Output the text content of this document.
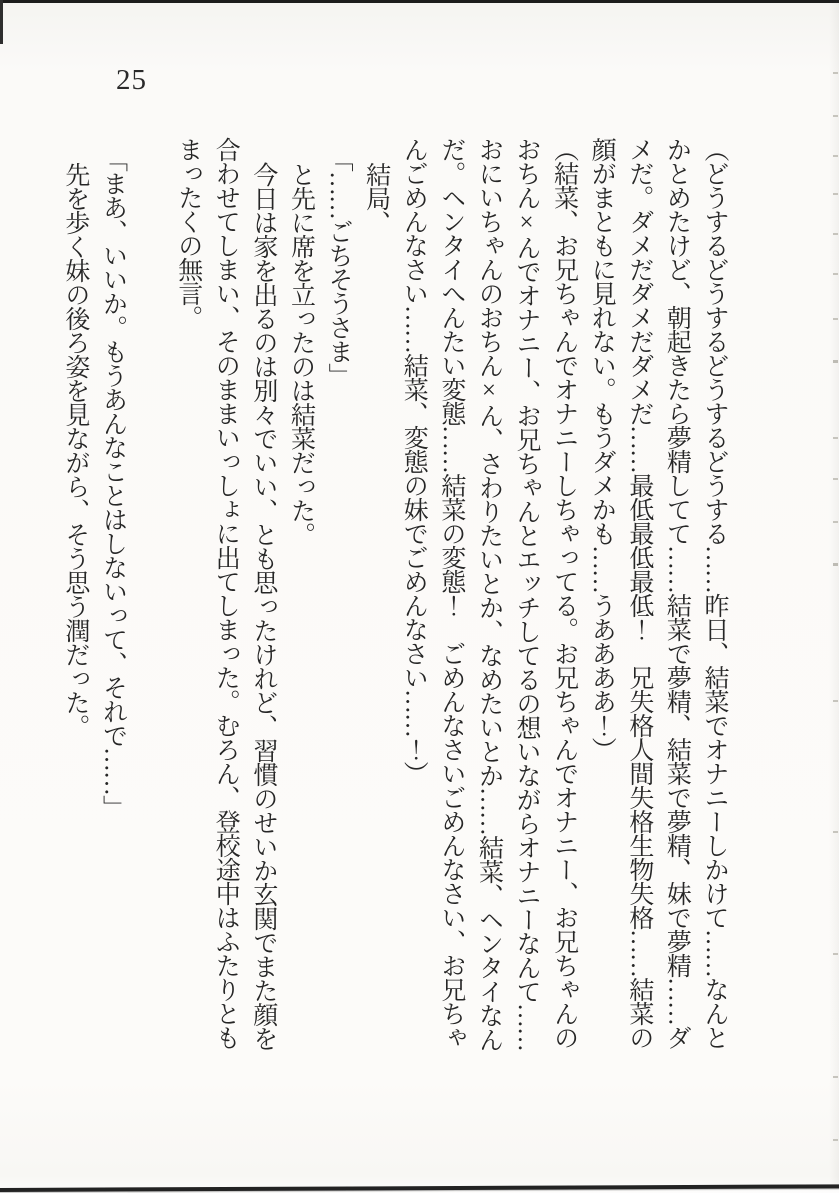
25
（どうするどうするどうするどうする……昨日、結菜でオナニーしかけて……なんと
かとめたけど、朝起きたら夢精してて……結菜で夢精、結菜で夢精、妹で夢精……ダ
メだ。ダメだダメだダメだ……最低最低最低！　兄失格人間失格生物失格……結菜の
顔がまともに見れない。もうダメかも……うああああ！）
（結菜、お兄ちゃんでオナニーしちゃってる。お兄ちゃんでオナニー、お兄ちゃんの
おちん×んでオナニー、お兄ちゃんとエッチしてるの想いながらオナニーなんて……
おにいちゃんのおちん×ん、さわりたいとか、なめたいとか……結菜、ヘンタイなん
だ。ヘンタイへんたい変態……結菜の変態！　ごめんなさいごめんなさい、お兄ちゃ
んごめんなさい……結菜、変態の妹でごめんなさい……！）
結局、
「……ごちそうさま」
と先に席を立ったのは結菜だった。
今日は家を出るのは別々でいい、とも思ったけれど、習慣のせいか玄関でまた顔を
合わせてしまい、そのままいっしょに出てしまった。むろん、登校途中はふたりとも
まったくの無言。
「まあ、いいか。もうあんなことはしないって、それで……」
先を歩く妹の後ろ姿を見ながら、そう思う潤だった。
